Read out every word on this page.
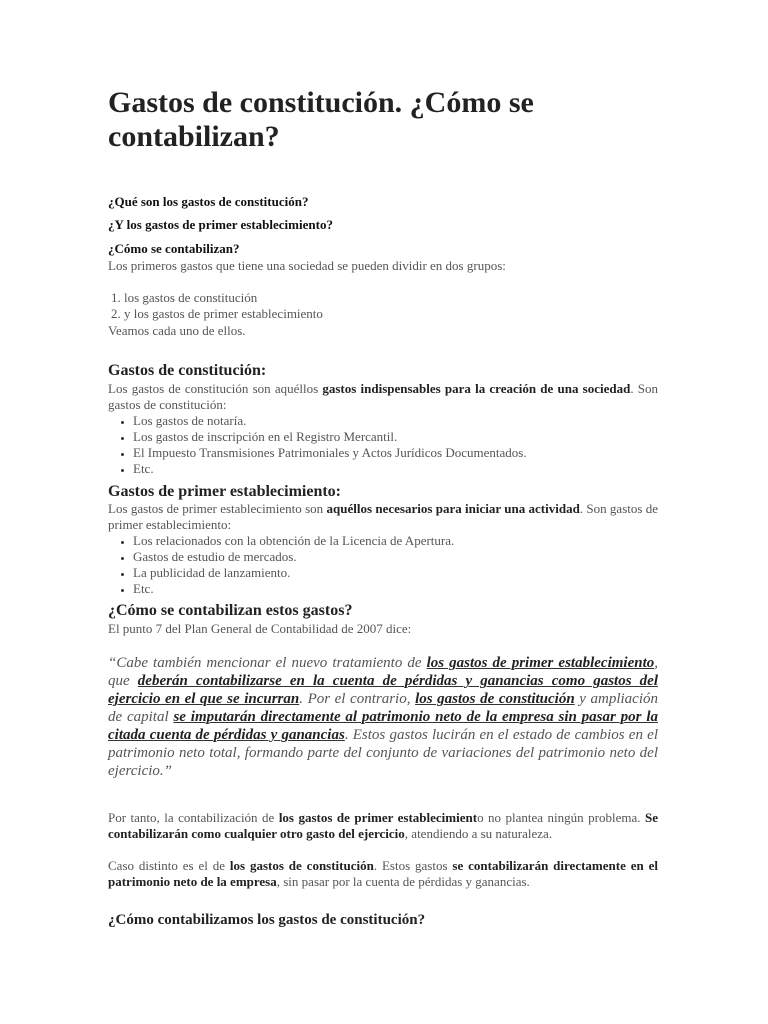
Gastos de constitución. ¿Cómo se contabilizan?

¿Qué son los gastos de constitución?

¿Y los gastos de primer establecimiento?

¿Cómo se contabilizan?

Los primeros gastos que tiene una sociedad se pueden dividir en dos grupos:
1. los gastos de constitución
2. y los gastos de primer establecimiento
Veamos cada uno de ellos.
Gastos de constitución:

Los gastos de constitución son aquéllos gastos indispensables para la creación de una sociedad. Son gastos de constitución:

• Los gastos de notaría.
• Los gastos de inscripción en el Registro Mercantil.
• El Impuesto Transmisiones Patrimoniales y Actos Jurídicos Documentados.
• Etc.
Gastos de primer establecimiento:

Los gastos de primer establecimiento son aquéllos necesarios para iniciar una actividad. Son gastos de primer establecimiento:

• Los relacionados con la obtención de la Licencia de Apertura.
• Gastos de estudio de mercados.
• La publicidad de lanzamiento.
• Etc.
¿Cómo se contabilizan estos gastos?
El punto 7 del Plan General de Contabilidad de 2007 dice:

“Cabe también mencionar el nuevo tratamiento de los gastos de primer establecimiento, que deberán contabilizarse en la cuenta de pérdidas y ganancias como gastos del ejercicio en el que se incurran. Por el contrario, los gastos de constitución y ampliación de capital se imputarán directamente al patrimonio neto de la empresa sin pasar por la citada cuenta de pérdidas y ganancias. Estos gastos lucirán en el estado de cambios en el patrimonio neto total, formando parte del conjunto de variaciones del patrimonio neto del ejercicio.”

Por tanto, la contabilización de los gastos de primer establecimiento no plantea ningún problema. Se contabilizarán como cualquier otro gasto del ejercicio, atendiendo a su naturaleza.

Caso distinto es el de los gastos de constitución. Estos gastos se contabilizarán directamente en el patrimonio neto de la empresa, sin pasar por la cuenta de pérdidas y ganancias.

¿Cómo contabilizamos los gastos de constitución?
